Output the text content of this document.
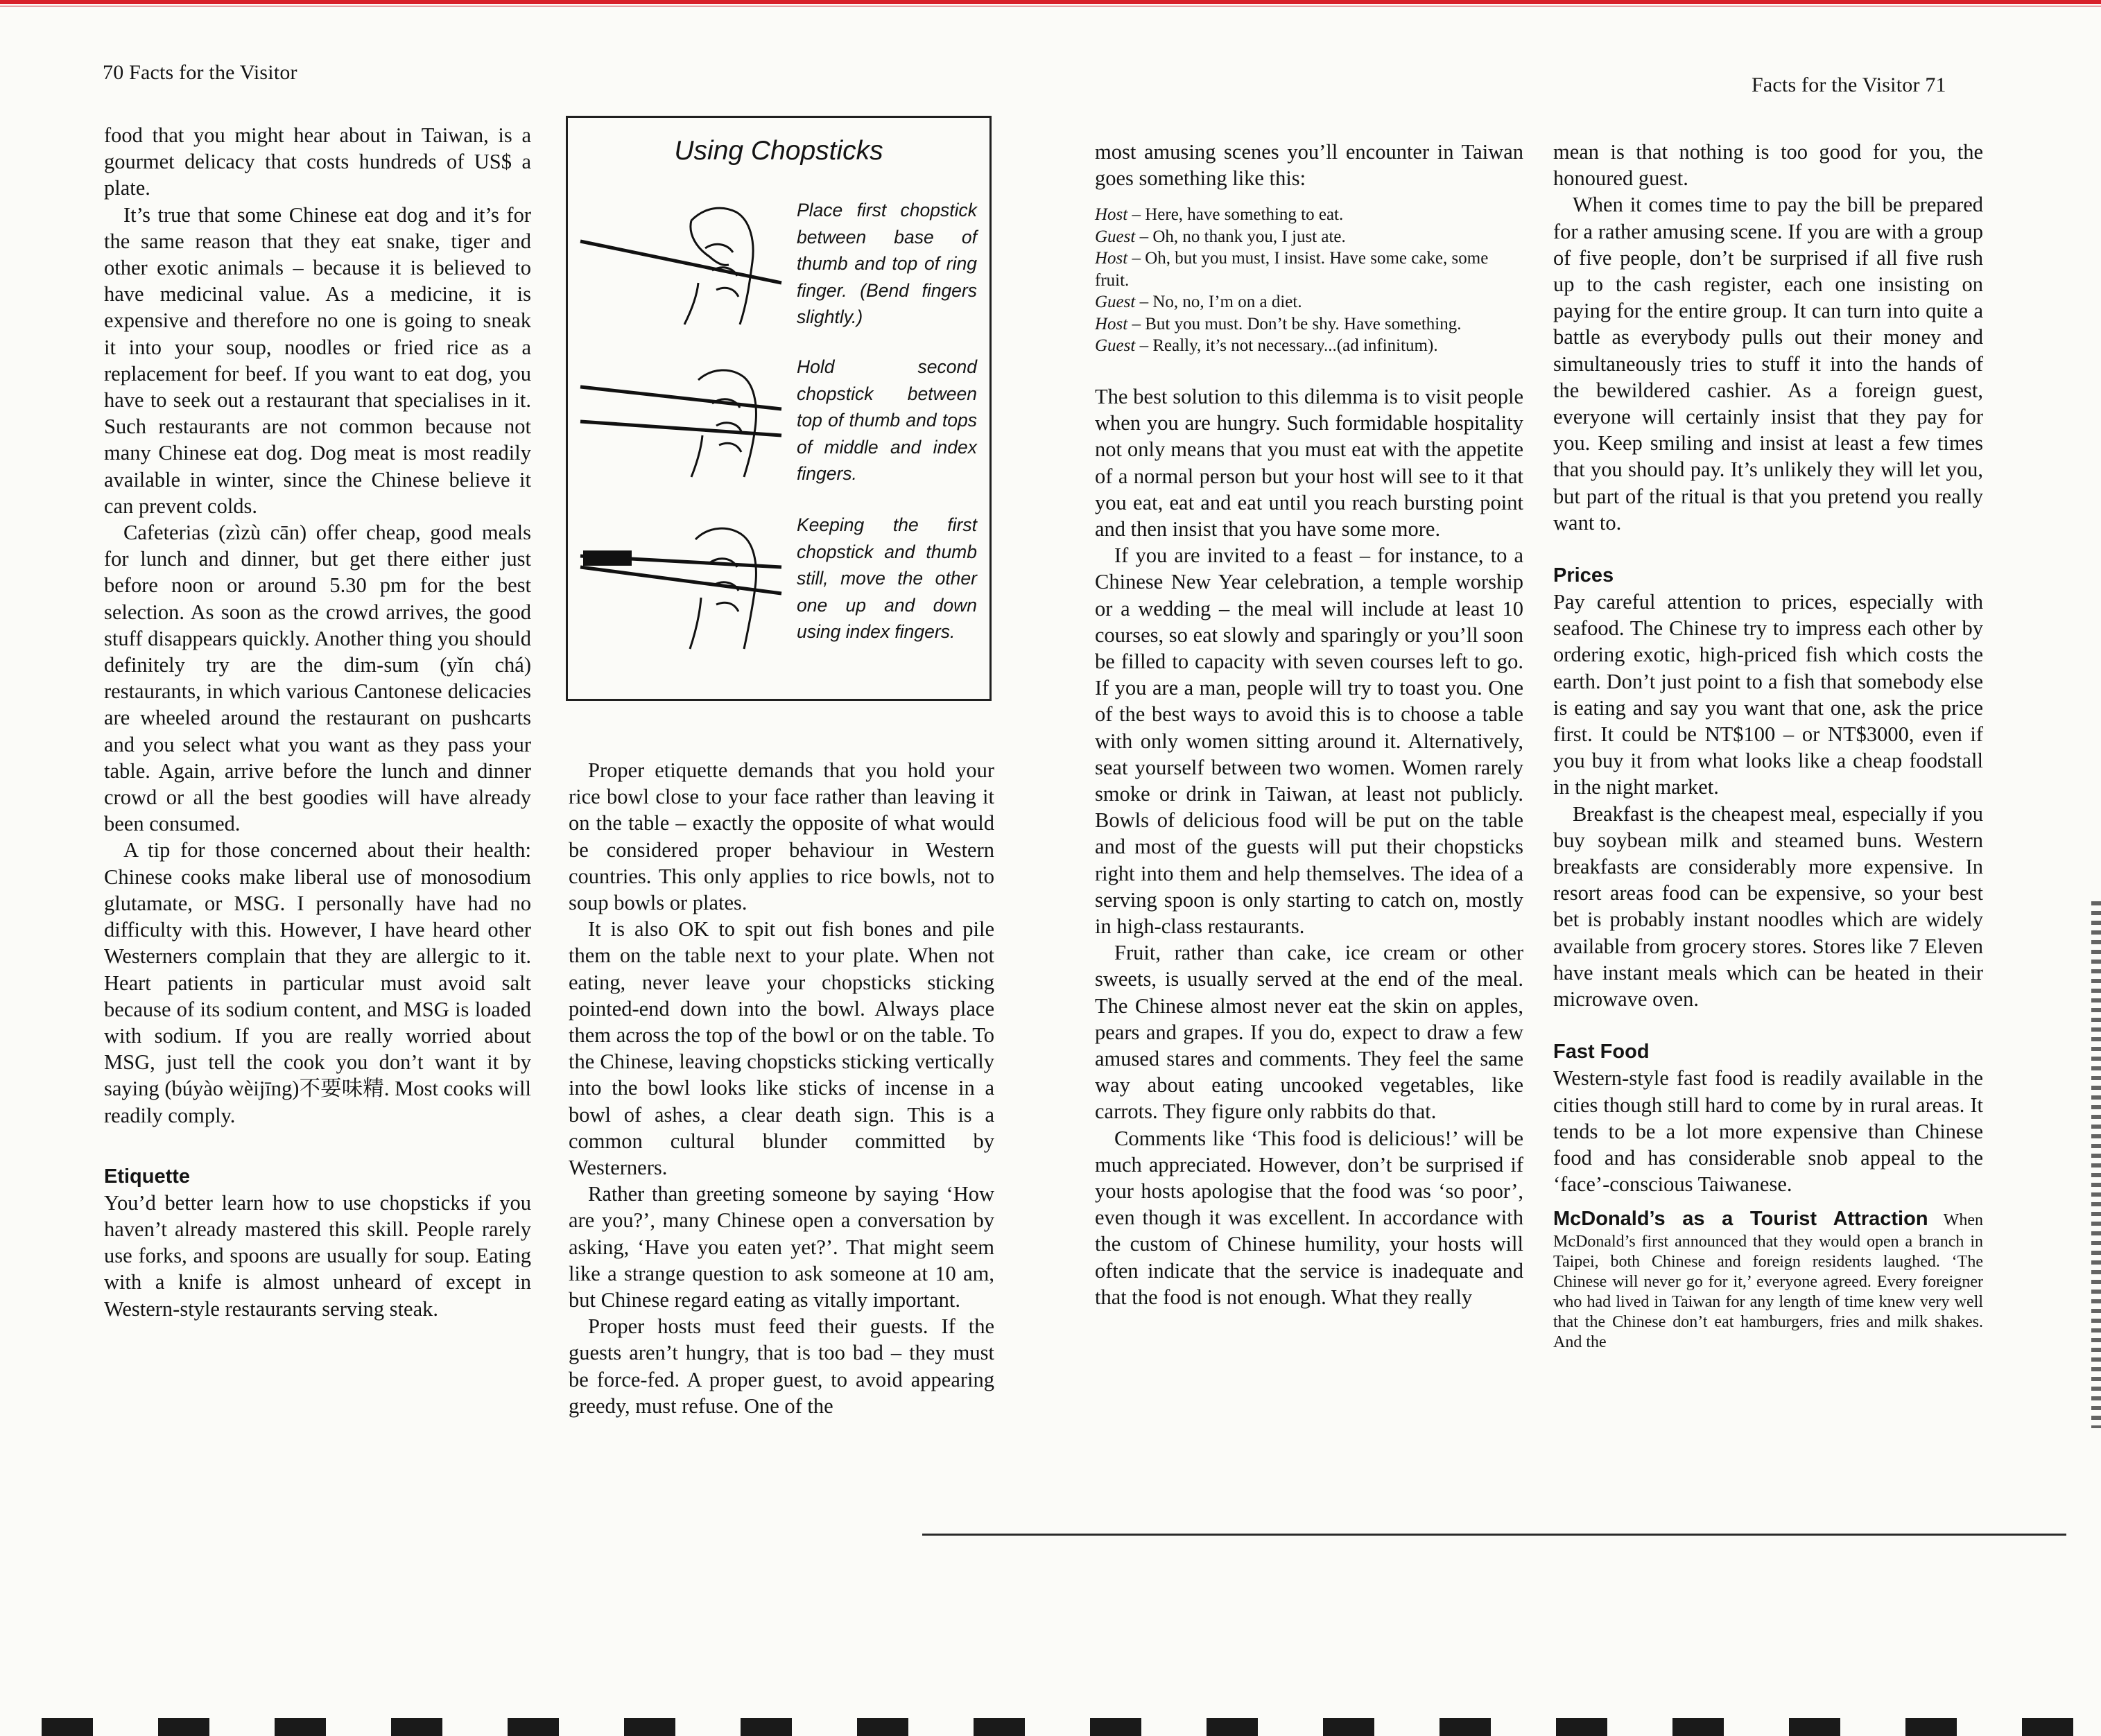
70 Facts for the Visitor

food that you might hear about in Taiwan, is a gourmet delicacy that costs hundreds of US$ a plate.

It’s true that some Chinese eat dog and it’s for the same reason that they eat snake, tiger and other exotic animals – because it is believed to have medicinal value. As a medicine, it is expensive and therefore no one is going to sneak it into your soup, noodles or fried rice as a replacement for beef. If you want to eat dog, you have to seek out a restaurant that specialises in it. Such restaurants are not common because not many Chinese eat dog. Dog meat is most readily available in winter, since the Chinese believe it can prevent colds.

Cafeterias (zìzù cān) offer cheap, good meals for lunch and dinner, but get there either just before noon or around 5.30 pm for the best selection. As soon as the crowd arrives, the good stuff disappears quickly. Another thing you should definitely try are the dim-sum (yǐn chá) restaurants, in which various Cantonese delicacies are wheeled around the restaurant on pushcarts and you select what you want as they pass your table. Again, arrive before the lunch and dinner crowd or all the best goodies will have already been consumed.

A tip for those concerned about their health: Chinese cooks make liberal use of monosodium glutamate, or MSG. I personally have had no difficulty with this. However, I have heard other Westerners complain that they are allergic to it. Heart patients in particular must avoid salt because of its sodium content, and MSG is loaded with sodium. If you are really worried about MSG, just tell the cook you don’t want it by saying (búyào wèijīng)不要味精. Most cooks will readily comply.

Etiquette

You’d better learn how to use chopsticks if you haven’t already mastered this skill. People rarely use forks, and spoons are usually for soup. Eating with a knife is almost unheard of except in Western-style restaurants serving steak.

Using Chopsticks
Place first chopstick between base of thumb and top of ring finger. (Bend fingers slightly.)
Hold second chopstick between top of thumb and tops of middle and index fingers.
Keeping the first chopstick and thumb still, move the other one up and down using index fingers.

Proper etiquette demands that you hold your rice bowl close to your face rather than leaving it on the table – exactly the opposite of what would be considered proper behaviour in Western countries. This only applies to rice bowls, not to soup bowls or plates.

It is also OK to spit out fish bones and pile them on the table next to your plate. When not eating, never leave your chopsticks sticking pointed-end down into the bowl. Always place them across the top of the bowl or on the table. To the Chinese, leaving chopsticks sticking vertically into the bowl looks like sticks of incense in a bowl of ashes, a clear death sign. This is a common cultural blunder committed by Westerners.

Rather than greeting someone by saying ‘How are you?’, many Chinese open a conversation by asking, ‘Have you eaten yet?’. That might seem like a strange question to ask someone at 10 am, but Chinese regard eating as vitally important.

Proper hosts must feed their guests. If the guests aren’t hungry, that is too bad – they must be force-fed. A proper guest, to avoid appearing greedy, must refuse. One of the

Facts for the Visitor 71

most amusing scenes you’ll encounter in Taiwan goes something like this:

Host – Here, have something to eat.
Guest – Oh, no thank you, I just ate.
Host – Oh, but you must, I insist. Have some cake, some fruit.
Guest – No, no, I’m on a diet.
Host – But you must. Don’t be shy. Have something.
Guest – Really, it’s not necessary...(ad infinitum).

The best solution to this dilemma is to visit people when you are hungry. Such formidable hospitality not only means that you must eat with the appetite of a normal person but your host will see to it that you eat, eat and eat until you reach bursting point and then insist that you have some more.

If you are invited to a feast – for instance, to a Chinese New Year celebration, a temple worship or a wedding – the meal will include at least 10 courses, so eat slowly and sparingly or you’ll soon be filled to capacity with seven courses left to go. If you are a man, people will try to toast you. One of the best ways to avoid this is to choose a table with only women sitting around it. Alternatively, seat yourself between two women. Women rarely smoke or drink in Taiwan, at least not publicly. Bowls of delicious food will be put on the table and most of the guests will put their chopsticks right into them and help themselves. The idea of a serving spoon is only starting to catch on, mostly in high-class restaurants.

Fruit, rather than cake, ice cream or other sweets, is usually served at the end of the meal. The Chinese almost never eat the skin on apples, pears and grapes. If you do, expect to draw a few amused stares and comments. They feel the same way about eating uncooked vegetables, like carrots. They figure only rabbits do that.

Comments like ‘This food is delicious!’ will be much appreciated. However, don’t be surprised if your hosts apologise that the food was ‘so poor’, even though it was excellent. In accordance with the custom of Chinese humility, your hosts will often indicate that the service is inadequate and that the food is not enough. What they really

mean is that nothing is too good for you, the honoured guest.

When it comes time to pay the bill be prepared for a rather amusing scene. If you are with a group of five people, don’t be surprised if all five rush up to the cash register, each one insisting on paying for the entire group. It can turn into quite a battle as everybody pulls out their money and simultaneously tries to stuff it into the hands of the bewildered cashier. As a foreign guest, everyone will certainly insist that they pay for you. Keep smiling and insist at least a few times that you should pay. It’s unlikely they will let you, but part of the ritual is that you pretend you really want to.

Prices

Pay careful attention to prices, especially with seafood. The Chinese try to impress each other by ordering exotic, high-priced fish which costs the earth. Don’t just point to a fish that somebody else is eating and say you want that one, ask the price first. It could be NT$100 – or NT$3000, even if you buy it from what looks like a cheap foodstall in the night market.

Breakfast is the cheapest meal, especially if you buy soybean milk and steamed buns. Western breakfasts are considerably more expensive. In resort areas food can be expensive, so your best bet is probably instant noodles which are widely available from grocery stores. Stores like 7 Eleven have instant meals which can be heated in their microwave oven.

Fast Food

Western-style fast food is readily available in the cities though still hard to come by in rural areas. It tends to be a lot more expensive than Chinese food and has considerable snob appeal to the ‘face’-conscious Taiwanese.

McDonald’s as a Tourist Attraction When McDonald’s first announced that they would open a branch in Taipei, both Chinese and foreign residents laughed. ‘The Chinese will never go for it,’ everyone agreed. Every foreigner who had lived in Taiwan for any length of time knew very well that the Chinese don’t eat hamburgers, fries and milk shakes. And the
